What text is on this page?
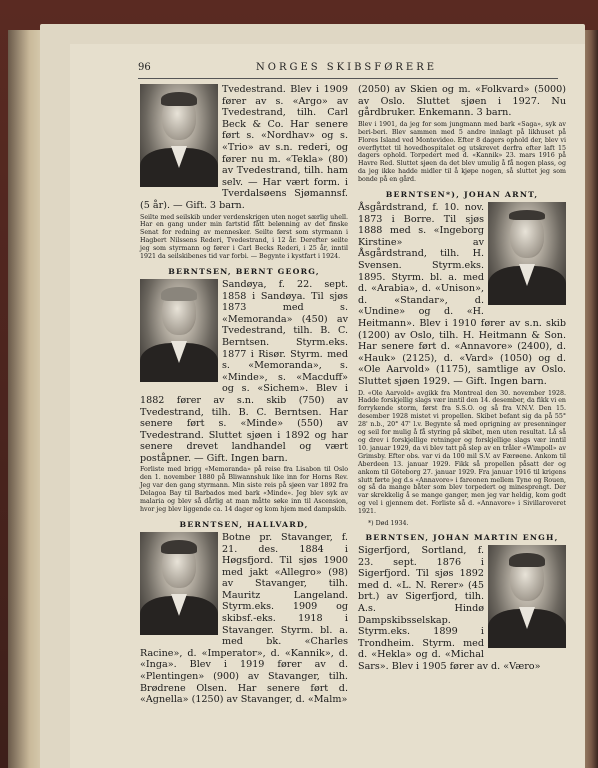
96	NORGES SKIBSFØRERE

Tvedestrand. Blev i 1909 fører av s. «Argo» av Tvedestrand, tilh. Carl Beck & Co. Har senere ført s. «Nordhav» og s. «Trio» av s.n. rederi, og fører nu m. «Tekla» (80) av Tvedestrand, tilh. ham selv. — Har vært form. i Tverdalsøens Sjømannsf. (5 år). — Gift. 3 barn.

Seilte med seilskib under verdenskrigen uten noget særlig uhell. Har en gang under min fartstid fått belønning av det finske Senat for redning av mennesker. Seilte først som styrmann i Hagbert Nilssens Rederi, Tvedestrand, i 12 år. Derefter seilte jeg som styrmann og fører i Carl Becks Rederi, i 25 år, inntil 1921 da seilskibenes tid var forbi. — Begynte i kystfart i 1924.

BERNTSEN, BERNT GEORG,

Sandøya, f. 22. sept. 1858 i Sandøya. Til sjøs 1873 med s. «Memoranda» (450) av Tvedestrand, tilh. B. C. Berntsen. Styrm.eks. 1877 i Risør. Styrm. med s. «Memoranda», s. «Minde», s. «Macduff» og s. «Sichem». Blev i 1882 fører av s.n. skib (750) av Tvedestrand, tilh. B. C. Berntsen. Har senere ført s. «Minde» (550) av Tvedestrand. Sluttet sjøen i 1892 og har senere drevet landhandel og vært poståpner. — Gift. Ingen barn.

Forliste med brigg «Memoranda» på reise fra Lisabon til Oslo den 1. november 1880 på Bliwannshuk like inn for Horns Rev. Jeg var den gang styrmann. Min siste reis på sjøen var 1892 fra Delagoa Bay til Barbados med bark «Minde». Jeg blev syk av malaria og blev så dårlig at man måtte søke inn til Ascension, hvor jeg blev liggende ca. 14 dager og kom hjem med dampskib.

BERNTSEN, HALLVARD,

Botne pr. Stavanger, f. 21. des. 1884 i Høgsfjord. Til sjøs 1900 med jakt «Allegro» (98) av Stavanger, tilh. Mauritz Langeland. Styrm.eks. 1909 og skibsf.-eks. 1918 i Stavanger. Styrm. bl. a. med bk. «Charles Racine», d. «Imperator», d. «Kannik», d. «Inga». Blev i 1919 fører av d. «Plentingen» (900) av Stavanger, tilh. Brødrene Olsen. Har senere ført d. «Agnella» (1250) av Stavanger, d. «Malm»

(2050) av Skien og m. «Folkvard» (5000) av Oslo. Sluttet sjøen i 1927. Nu gårdbruker. Enkemann. 3 barn.

Blev i 1901, da jeg for som jungmann med bark «Saga», syk av beri-beri. Blev sammen med 5 andre innlagt på likhuset på Flores Island ved Montevideo. Efter 8 dagers ophold der, blev vi overflyttet til hovedhospitalet og utskrevet derfra efter laft 15 dagers ophold. Torpedert med d. «Kannik» 23. mars 1916 på Havre Red. Sluttet sjøen da det blev umulig å få nogen plass, og da jeg ikke hadde midler til å kjøpe nogen, så sluttet jeg som bonde på en gård.

BERNTSEN*), JOHAN ARNT,

Åsgårdstrand, f. 10. nov. 1873 i Borre. Til sjøs 1888 med s. «Ingeborg Kirstine» av Åsgårdstrand, tilh. H. Svensen. Styrm.eks. 1895. Styrm. bl. a. med d. «Arabia», d. «Unison», d. «Standar», d. «Undine» og d. «H. Heitmann». Blev i 1910 fører av s.n. skib (1200) av Oslo, tilh. H. Heitmann & Son. Har senere ført d. «Annavore» (2400), d. «Hauk» (2125), d. «Vard» (1050) og d. «Ole Aarvold» (1175), samtlige av Oslo. Sluttet sjøen 1929. — Gift. Ingen barn.

D. «Ole Aarvold» avgikk fra Montreal den 30. november 1928. Hadde forskjellig slags vær inntil den 14. desember, da fikk vi en forrykende storm, først fra S.S.O. og så fra V.N.V. Den 15. desember 1928 mistet vi propellen. Skibet befant sig da på 55° 28' n.b., 20° 47' l.v. Begynte så med oprigning av presenninger og seil for mulig å få styring på skibet, men uten resultat. Lå så og drev i forskjellige retninger og forskjellige slags vær inntil 10. januar 1929, da vi blev tatt på slep av en tråler «Wimpoll» av Grimsby. Efter obs. var vi da 100 mil S.V. av Færøene. Ankom til Aberdeen 13. januar 1929. Fikk så propellen påsatt der og ankom til Göteborg 27. januar 1929. Fra januar 1916 til krigens slutt førte jeg d.s «Annavore» i fareonen mellem Tyne og Rouen, og så da mange båter som blev torpedert og minesprengt. Der var skrekkelig å se mange ganger, men jeg var heldig, kom godt og vel i gjennem det. Forliste så d. «Annavore» i Sivillaroveret 1921.

*) Død 1934.
BERNTSEN, JOHAN MARTIN ENGH,

Sigerfjord, Sortland, f. 23. sept. 1876 i Sigerfjord. Til sjøs 1892 med d. «L. N. Rerer» (45 brt.) av Sigerfjord, tilh. A.s. Hindø Dampskibsselskap. Styrm.eks. 1899 i Trondheim. Styrm. med d. «Hekla» og d. «Michal Sars». Blev i 1905 fører av d. «Væro»
